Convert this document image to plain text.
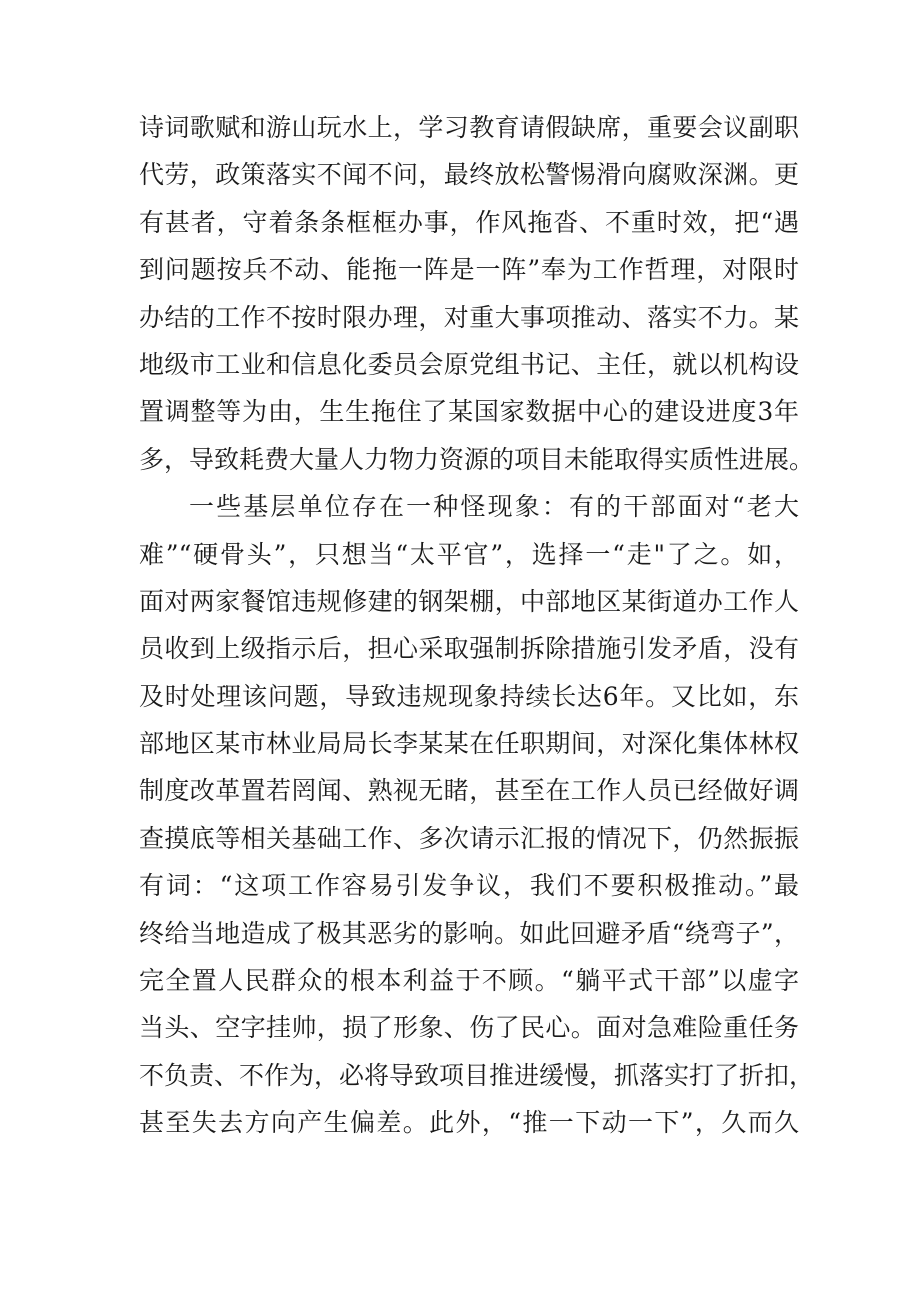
诗词歌赋和游山玩水上，学习教育请假缺席，重要会议副职
代劳，政策落实不闻不问，最终放松警惕滑向腐败深渊。更
有甚者，守着条条框框办事，作风拖沓、不重时效，把“遇
到问题按兵不动、能拖一阵是一阵”奉为工作哲理，对限时
办结的工作不按时限办理，对重大事项推动、落实不力。某
地级市工业和信息化委员会原党组书记、主任，就以机构设
置调整等为由，生生拖住了某国家数据中心的建设进度3年
多，导致耗费大量人力物力资源的项目未能取得实质性进展。
一些基层单位存在一种怪现象：有的干部面对“老大
难”“硬骨头”，只想当“太平官”，选择一“走"了之。如，
面对两家餐馆违规修建的钢架棚，中部地区某街道办工作人
员收到上级指示后，担心采取强制拆除措施引发矛盾，没有
及时处理该问题，导致违规现象持续长达6年。又比如，东
部地区某市林业局局长李某某在任职期间，对深化集体林权
制度改革置若罔闻、熟视无睹，甚至在工作人员已经做好调
查摸底等相关基础工作、多次请示汇报的情况下，仍然振振
有词：“这项工作容易引发争议，我们不要积极推动。”最
终给当地造成了极其恶劣的影响。如此回避矛盾“绕弯子”，
完全置人民群众的根本利益于不顾。“躺平式干部”以虚字
当头、空字挂帅，损了形象、伤了民心。面对急难险重任务
不负责、不作为，必将导致项目推进缓慢，抓落实打了折扣，
甚至失去方向产生偏差。此外，“推一下动一下”，久而久
